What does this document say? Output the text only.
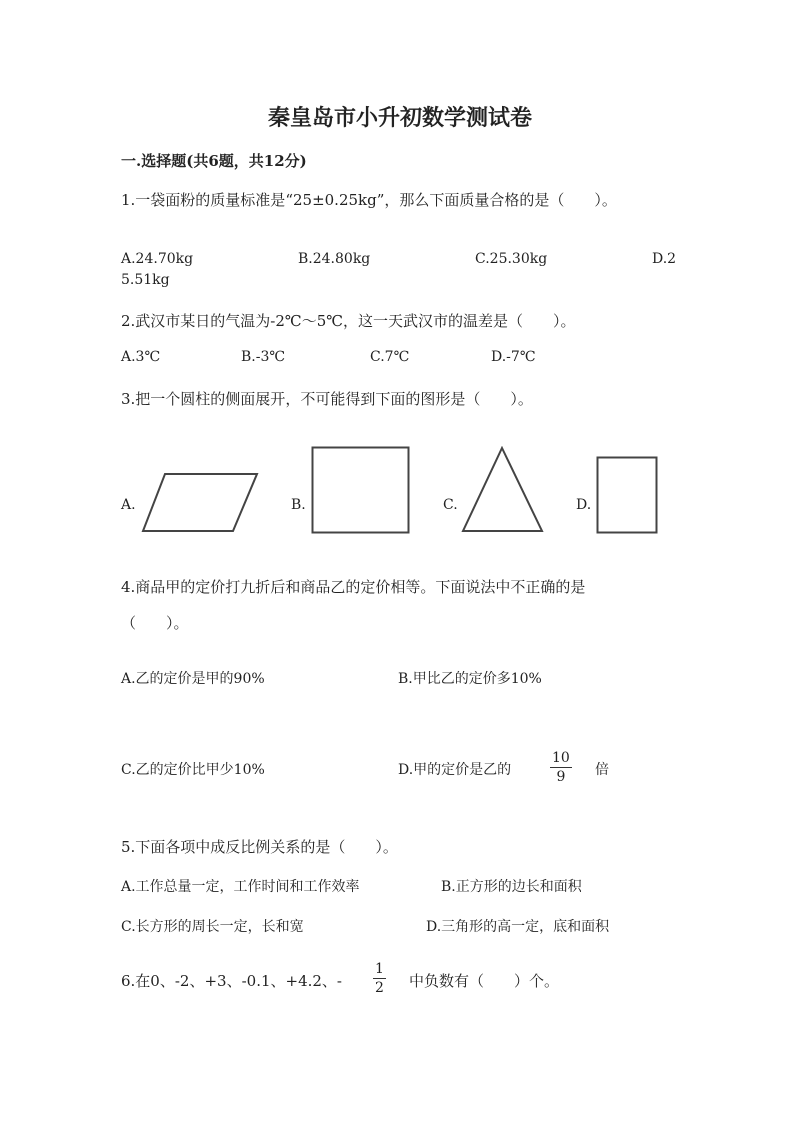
秦皇岛市小升初数学测试卷
一.选择题(共6题，共12分)
1.一袋面粉的质量标准是“25±0.25kg”，那么下面质量合格的是（　　）。
A.24.70kg	B.24.80kg	C.25.30kg	D.2
5.51kg
2.武汉市某日的气温为-2℃～5℃，这一天武汉市的温差是（　　）。
A.3℃	B.-3℃	C.7℃	D.-7℃
3.把一个圆柱的侧面展开，不可能得到下面的图形是（　　）。
A.	B.	C.	D.
4.商品甲的定价打九折后和商品乙的定价相等。下面说法中不正确的是
（　　）。
A.乙的定价是甲的90%	B.甲比乙的定价多10%
C.乙的定价比甲少10%	D.甲的定价是乙的
10
9	倍
5.下面各项中成反比例关系的是（　　）。
A.工作总量一定，工作时间和工作效率	B.正方形的边长和面积
C.长方形的周长一定，长和宽	D.三角形的高一定，底和面积
6.在0、-2、+3、-0.1、+4.2、-
1
2 中负数有（　　）个。
